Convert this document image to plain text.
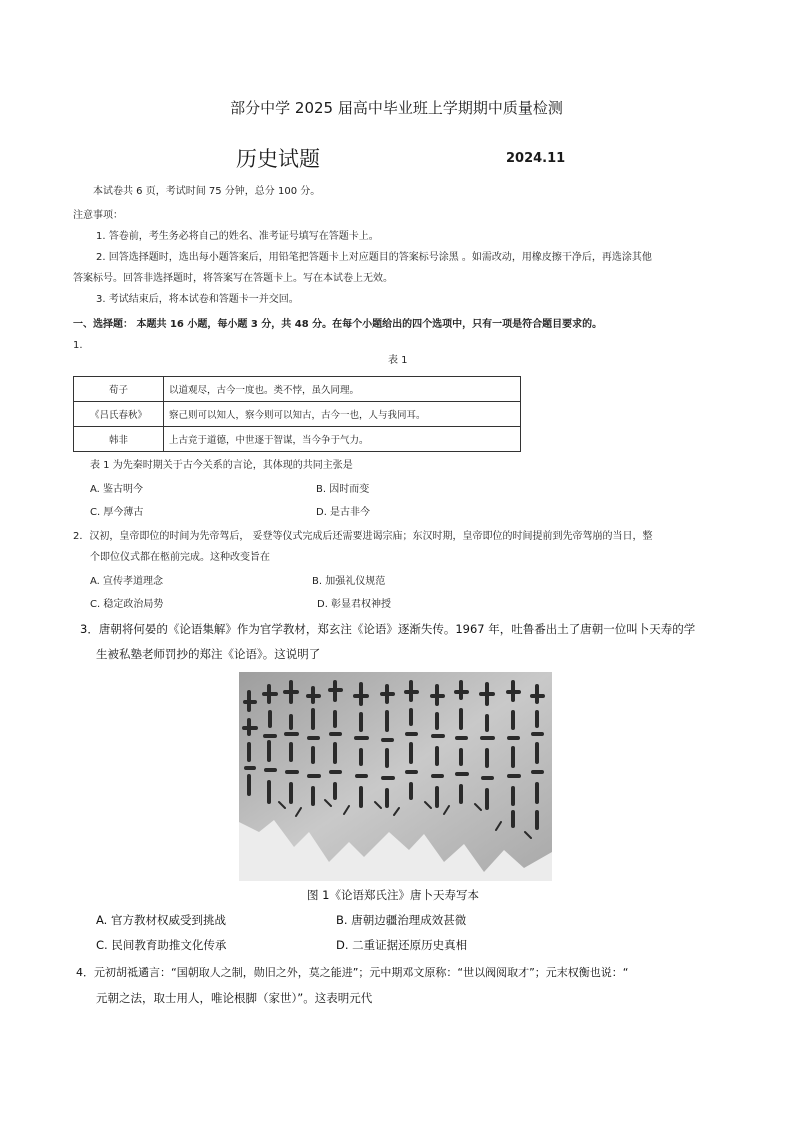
部分中学 2025 届高中毕业班上学期期中质量检测
历史试题	2024.11
本试卷共 6 页，考试时间 75 分钟，总分 100 分。
注意事项：
1. 答卷前，考生务必将自己的姓名、准考证号填写在答题卡上。
2. 回答选择题时，选出每小题答案后，用铅笔把答题卡上对应题目的答案标号涂黑 。如需改动，用橡皮擦干净后，再选涂其他
答案标号。回答非选择题时，将答案写在答题卡上。写在本试卷上无效。
3. 考试结束后，将本试卷和答题卡一并交回。
一、选择题： 本题共 16 小题，每小题 3 分，共 48 分。在每个小题给出的四个选项中，只有一项是符合题目要求的。
1.
表 1
荀子	以道观尽，古今一度也。类不悖，虽久同理。
《吕氏春秋》	察己则可以知人，察今则可以知古，古今一也，人与我同耳。
韩非	上古竞于道德，中世逐于智谋，当今争于气力。
表 1 为先秦时期关于古今关系的言论，其体现的共同主张是
A. 鉴古明今	B. 因时而变
C. 厚今薄古	D. 是古非今
2．汉初，皇帝即位的时间为先帝驾后， 妥登等仪式完成后还需要进谒宗庙；东汉时期，皇帝即位的时间提前到先帝驾崩的当日，整
个即位仪式都在柩前完成。这种改变旨在
A. 宣传孝道理念	B. 加强礼仪规范
C. 稳定政治局势	D. 彰显君权神授
3．唐朝将何晏的《论语集解》作为官学教材，郑玄注《论语》逐渐失传。1967 年，吐鲁番出土了唐朝一位叫卜天寿的学
生被私塾老师罚抄的郑注《论语》。这说明了
图 1《论语郑氏注》唐卜天寿写本
A. 官方教材权威受到挑战	B. 唐朝边疆治理成效甚微
C. 民间教育助推文化传承	D. 二重证据还原历史真相
4．元初胡祗遹言：“国朝取人之制，勋旧之外，莫之能进”；元中期邓文原称：“世以阀阅取才”；元末权衡也说：“
元朝之法，取士用人，唯论根脚（家世）”。这表明元代
